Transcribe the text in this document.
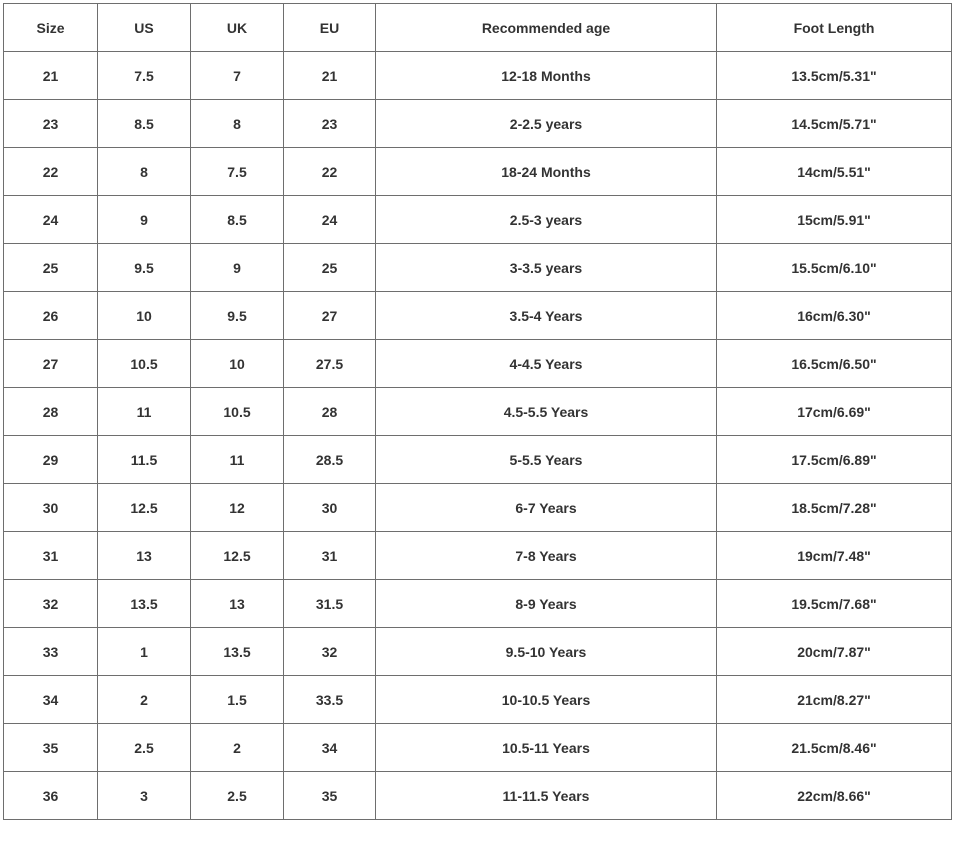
Size	US	UK	EU	Recommended age	Foot Length
21	7.5	7	21	12-18 Months	13.5cm/5.31"
23	8.5	8	23	2-2.5 years	14.5cm/5.71"
22	8	7.5	22	18-24 Months	14cm/5.51"
24	9	8.5	24	2.5-3 years	15cm/5.91"
25	9.5	9	25	3-3.5 years	15.5cm/6.10"
26	10	9.5	27	3.5-4 Years	16cm/6.30"
27	10.5	10	27.5	4-4.5 Years	16.5cm/6.50"
28	11	10.5	28	4.5-5.5 Years	17cm/6.69"
29	11.5	11	28.5	5-5.5 Years	17.5cm/6.89"
30	12.5	12	30	6-7 Years	18.5cm/7.28"
31	13	12.5	31	7-8 Years	19cm/7.48"
32	13.5	13	31.5	8-9 Years	19.5cm/7.68"
33	1	13.5	32	9.5-10 Years	20cm/7.87"
34	2	1.5	33.5	10-10.5 Years	21cm/8.27"
35	2.5	2	34	10.5-11 Years	21.5cm/8.46"
36	3	2.5	35	11-11.5 Years	22cm/8.66"
